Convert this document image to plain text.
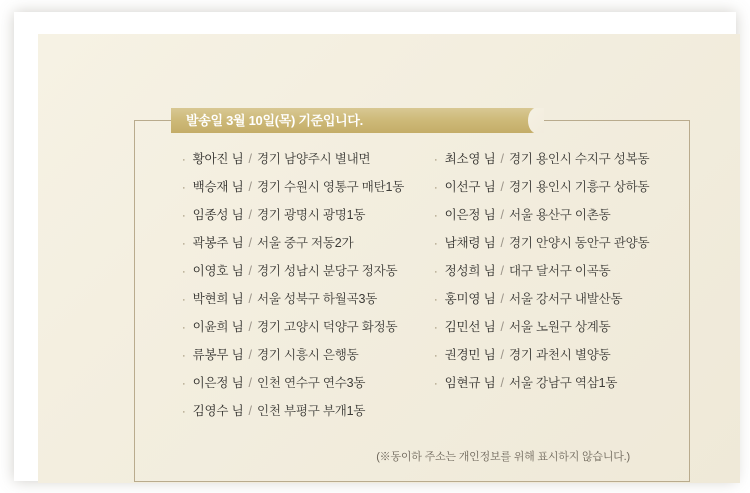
발송일 3월 10일(목) 기준입니다.
· 황아진 님 / 경기 남양주시 별내면
· 백승재 님 / 경기 수원시 영통구 매탄1동
· 임종성 님 / 경기 광명시 광명1동
· 곽봉주 님 / 서울 중구 저동2가
· 이영호 님 / 경기 성남시 분당구 정자동
· 박현희 님 / 서울 성북구 하월곡3동
· 이윤희 님 / 경기 고양시 덕양구 화정동
· 류봉무 님 / 경기 시흥시 은행동
· 이은정 님 / 인천 연수구 연수3동
· 김영수 님 / 인천 부평구 부개1동
· 최소영 님 / 경기 용인시 수지구 성복동
· 이선구 님 / 경기 용인시 기흥구 상하동
· 이은정 님 / 서울 용산구 이촌동
· 남채령 님 / 경기 안양시 동안구 관양동
· 정성희 님 / 대구 달서구 이곡동
· 홍미영 님 / 서울 강서구 내발산동
· 김민선 님 / 서울 노원구 상계동
· 권경민 님 / 경기 과천시 별양동
· 임현규 님 / 서울 강남구 역삼1동
(※동이하 주소는 개인정보를 위해 표시하지 않습니다.)
